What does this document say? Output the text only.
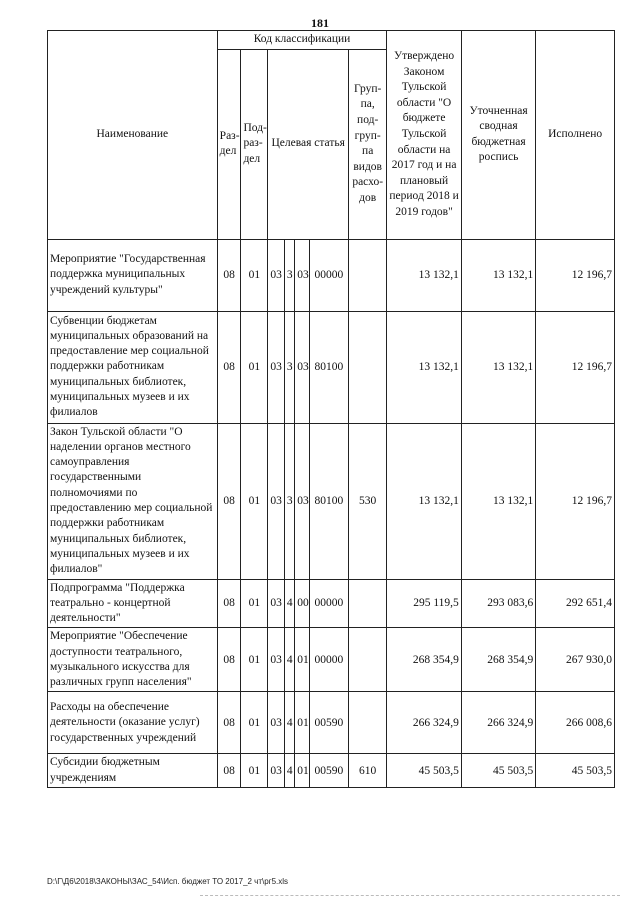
181
Наименование	Код классификации							Утверждено Законом Тульской области "О бюджете Тульской области на 2017 год и на плановый период 2018 и 2019 годов"	Уточненная сводная бюджетная роспись	Исполнено
	Раз-дел	Под-раз-дел	Целевая статья				Груп-па, под-груп-па видов расхо-дов			
Мероприятие "Государственная поддержка муниципальных учреждений культуры"	08	01	03	3	03	00000		13 132,1	13 132,1	12 196,7
Субвенции бюджетам муниципальных образований на предоставление мер социальной поддержки работникам муниципальных библиотек, муниципальных музеев и их филиалов	08	01	03	3	03	80100		13 132,1	13 132,1	12 196,7
Закон Тульской области "О наделении органов местного самоуправления государственными полномочиями по предоставлению мер социальной поддержки работникам муниципальных библиотек, муниципальных музеев и их филиалов"	08	01	03	3	03	80100	530	13 132,1	13 132,1	12 196,7
Подпрограмма "Поддержка театрально - концертной деятельности"	08	01	03	4	00	00000		295 119,5	293 083,6	292 651,4
Мероприятие "Обеспечение доступности театрального, музыкального искусства для различных групп населения"	08	01	03	4	01	00000		268 354,9	268 354,9	267 930,0
Расходы на обеспечение деятельности (оказание услуг) государственных учреждений	08	01	03	4	01	00590		266 324,9	266 324,9	266 008,6
Субсидии бюджетным учреждениям	08	01	03	4	01	00590	610	45 503,5	45 503,5	45 503,5
D:\Г\Д6\2018\ЗАКОНЫ\ЗАС_54\Исп. бюджет ТО 2017_2 чт\рг5.xls
